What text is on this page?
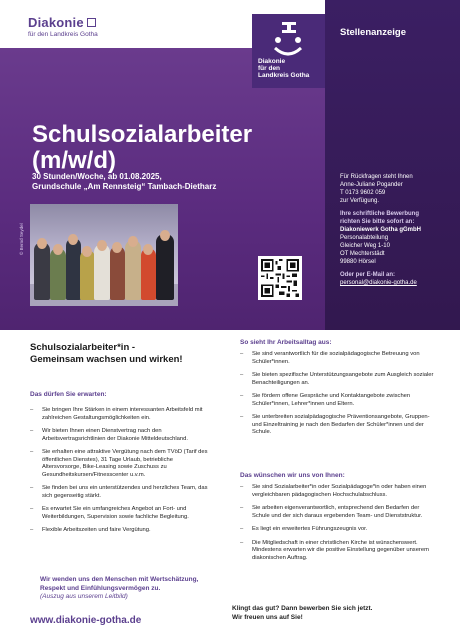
Diakonie
für den Landkreis Gotha
Diakonie
für den
Landkreis Gotha
Stellenanzeige
Schulsozialarbeiter
(m/w/d)
30 Stunden/Woche, ab 01.08.2025,
Grundschule „Am Rennsteig“ Tambach-Dietharz
© Bernd Seydel
Für Rückfragen steht Ihnen
Anne-Juliane Pogander
T 0173 9602 059
zur Verfügung.
Ihre schriftliche Bewerbung
richten Sie bitte sofort an:
Diakoniewerk Gotha gGmbH
Personalabteilung
Gleicher Weg 1-10
OT Mechterstädt
99880 Hörsel
Oder per E-Mail an:
personal@diakonie-gotha.de
Schulsozialarbeiter*in -
Gemeinsam wachsen und wirken!
Das dürfen Sie erwarten:
– Sie bringen Ihre Stärken in einem interessanten Arbeitsfeld mit zahlreichen Gestaltungsmöglichkeiten ein.
– Wir bieten Ihnen einen Dienstvertrag nach den Arbeitsvertragsrichtlinien der Diakonie Mitteldeutschland.
– Sie erhalten eine attraktive Vergütung nach dem TVöD (Tarif des öffentlichen Dienstes), 31 Tage Urlaub, betriebliche Altersvorsorge, Bike-Leasing sowie Zuschuss zu Gesundheitskursen/Fitnesscenter u.v.m.
– Sie finden bei uns ein unterstützendes und herzliches Team, das sich gegenseitig stärkt.
– Es erwartet Sie ein umfangreiches Angebot an Fort- und Weiterbildungen, Supervision sowie fachliche Begleitung.
– Flexible Arbeitszeiten und faire Vergütung.
So sieht Ihr Arbeitsalltag aus:
– Sie sind verantwortlich für die sozialpädagogische Betreuung von Schüler*innen.
– Sie bieten spezifische Unterstützungsangebote zum Ausgleich sozialer Benachteiligungen an.
– Sie fördern offene Gespräche und Kontaktangebote zwischen Schüler*innen, Lehrer*innen und Eltern.
– Sie unterbreiten sozialpädagogische Präventionsangebote, Gruppen- und Einzeltraining je nach den Bedarfen der Schüler*innen und der Schule.
Das wünschen wir uns von Ihnen:
– Sie sind Sozialarbeiter*in oder Sozialpädagoge*in oder haben einen vergleichbaren pädagogischen Hochschulabschluss.
– Sie arbeiten eigenverantwortlich, entsprechend den Bedarfen der Schule und der sich daraus ergebenden Team- und Dienststruktur.
– Es liegt ein erweitertes Führungszeugnis vor.
– Die Mitgliedschaft in einer christlichen Kirche ist wünschenswert. Mindestens erwarten wir die positive Einstellung gegenüber unserem diakonischen Auftrag.
Wir wenden uns den Menschen mit Wertschätzung,
Respekt und Einfühlungsvermögen zu.
(Auszug aus unserem Leitbild)
www.diakonie-gotha.de
Klingt das gut? Dann bewerben Sie sich jetzt.
Wir freuen uns auf Sie!
